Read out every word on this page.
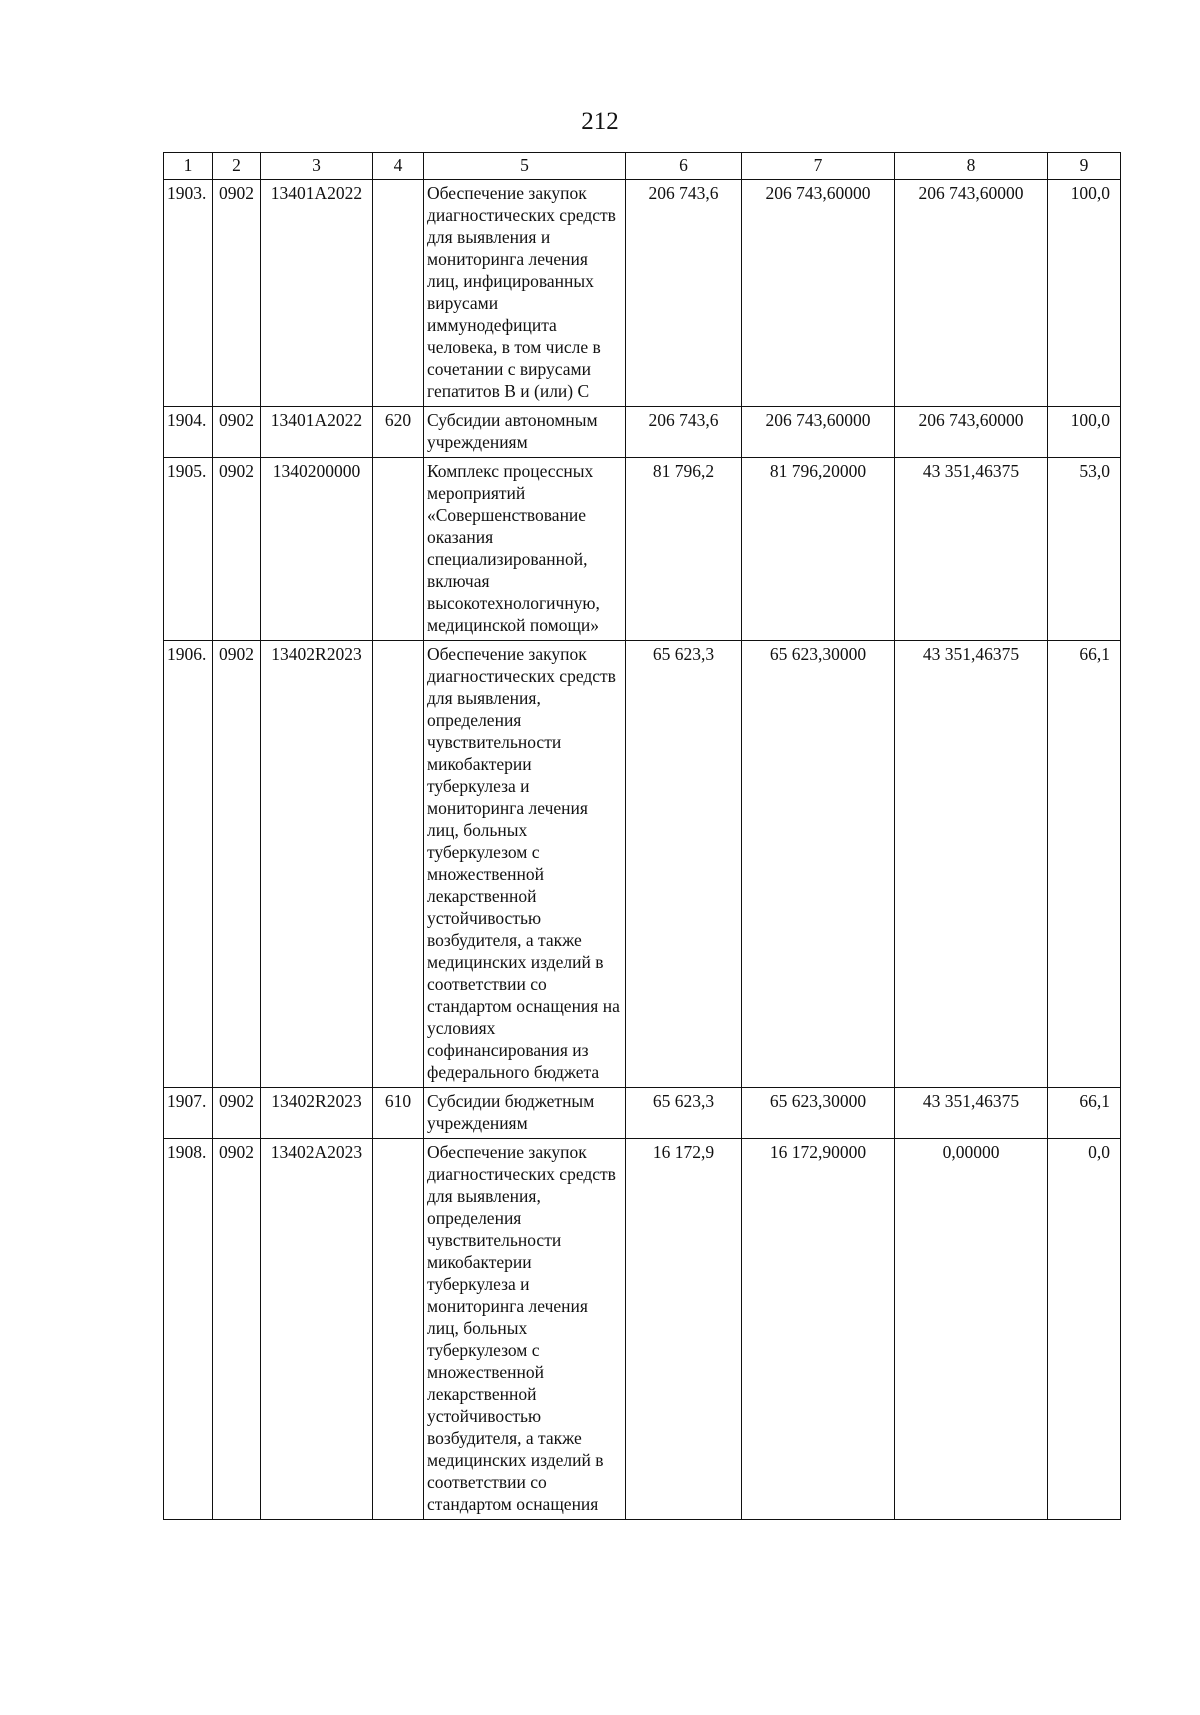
212
1	2	3	4	5	6	7	8	9
1903.	0902	13401A2022		Обеспечение закупок диагностических средств для выявления и мониторинга лечения лиц, инфицированных вирусами иммунодефицита человека, в том числе в сочетании с вирусами гепатитов В и (или) С	206 743,6	206 743,60000	206 743,60000	100,0
1904.	0902	13401A2022	620	Субсидии автономным учреждениям	206 743,6	206 743,60000	206 743,60000	100,0
1905.	0902	1340200000		Комплекс процессных мероприятий «Совершенствование оказания специализированной, включая высокотехнологичную, медицинской помощи»	81 796,2	81 796,20000	43 351,46375	53,0
1906.	0902	13402R2023		Обеспечение закупок диагностических средств для выявления, определения чувствительности микобактерии туберкулеза и мониторинга лечения лиц, больных туберкулезом с множественной лекарственной устойчивостью возбудителя, а также медицинских изделий в соответствии со стандартом оснащения на условиях софинансирования из федерального бюджета	65 623,3	65 623,30000	43 351,46375	66,1
1907.	0902	13402R2023	610	Субсидии бюджетным учреждениям	65 623,3	65 623,30000	43 351,46375	66,1
1908.	0902	13402A2023		Обеспечение закупок диагностических средств для выявления, определения чувствительности микобактерии туберкулеза и мониторинга лечения лиц, больных туберкулезом с множественной лекарственной устойчивостью возбудителя, а также медицинских изделий в соответствии со стандартом оснащения	16 172,9	16 172,90000	0,00000	0,0
